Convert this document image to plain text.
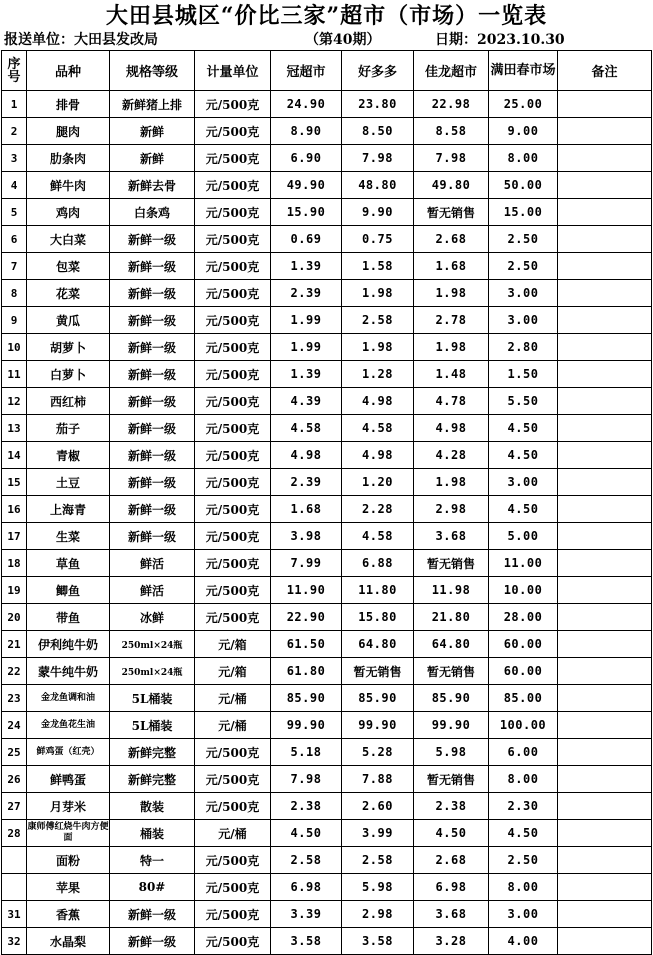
大田县城区“价比三家”超市（市场）一览表
报送单位：大田县发改局	（第40期）	日期：2023.10.30
序号	品种	规格等级	计量单位	冠超市	好多多	佳龙超市	满田春市场	备注
1	排骨	新鲜猪上排	元/500克	24.90	23.80	22.98	25.00	
2	腿肉	新鲜	元/500克	8.90	8.50	8.58	9.00	
3	肋条肉	新鲜	元/500克	6.90	7.98	7.98	8.00	
4	鲜牛肉	新鲜去骨	元/500克	49.90	48.80	49.80	50.00	
5	鸡肉	白条鸡	元/500克	15.90	9.90	暂无销售	15.00	
6	大白菜	新鲜一级	元/500克	0.69	0.75	2.68	2.50	
7	包菜	新鲜一级	元/500克	1.39	1.58	1.68	2.50	
8	花菜	新鲜一级	元/500克	2.39	1.98	1.98	3.00	
9	黄瓜	新鲜一级	元/500克	1.99	2.58	2.78	3.00	
10	胡萝卜	新鲜一级	元/500克	1.99	1.98	1.98	2.80	
11	白萝卜	新鲜一级	元/500克	1.39	1.28	1.48	1.50	
12	西红柿	新鲜一级	元/500克	4.39	4.98	4.78	5.50	
13	茄子	新鲜一级	元/500克	4.58	4.58	4.98	4.50	
14	青椒	新鲜一级	元/500克	4.98	4.98	4.28	4.50	
15	土豆	新鲜一级	元/500克	2.39	1.20	1.98	3.00	
16	上海青	新鲜一级	元/500克	1.68	2.28	2.98	4.50	
17	生菜	新鲜一级	元/500克	3.98	4.58	3.68	5.00	
18	草鱼	鲜活	元/500克	7.99	6.88	暂无销售	11.00	
19	鲫鱼	鲜活	元/500克	11.90	11.80	11.98	10.00	
20	带鱼	冰鲜	元/500克	22.90	15.80	21.80	28.00	
21	伊利纯牛奶	250ml×24瓶	元/箱	61.50	64.80	64.80	60.00	
22	蒙牛纯牛奶	250ml×24瓶	元/箱	61.80	暂无销售	暂无销售	60.00	
23	金龙鱼调和油	5L桶装	元/桶	85.90	85.90	85.90	85.00	
24	金龙鱼花生油	5L桶装	元/桶	99.90	99.90	99.90	100.00	
25	鲜鸡蛋（红壳）	新鲜完整	元/500克	5.18	5.28	5.98	6.00	
26	鲜鸭蛋	新鲜完整	元/500克	7.98	7.88	暂无销售	8.00	
27	月芽米	散装	元/500克	2.38	2.60	2.38	2.30	
28	康师傅红烧牛肉方便面	桶装	元/桶	4.50	3.99	4.50	4.50	
	面粉	特一	元/500克	2.58	2.58	2.68	2.50	
	苹果	80#	元/500克	6.98	5.98	6.98	8.00	
31	香蕉	新鲜一级	元/500克	3.39	2.98	3.68	3.00	
32	水晶梨	新鲜一级	元/500克	3.58	3.58	3.28	4.00	
